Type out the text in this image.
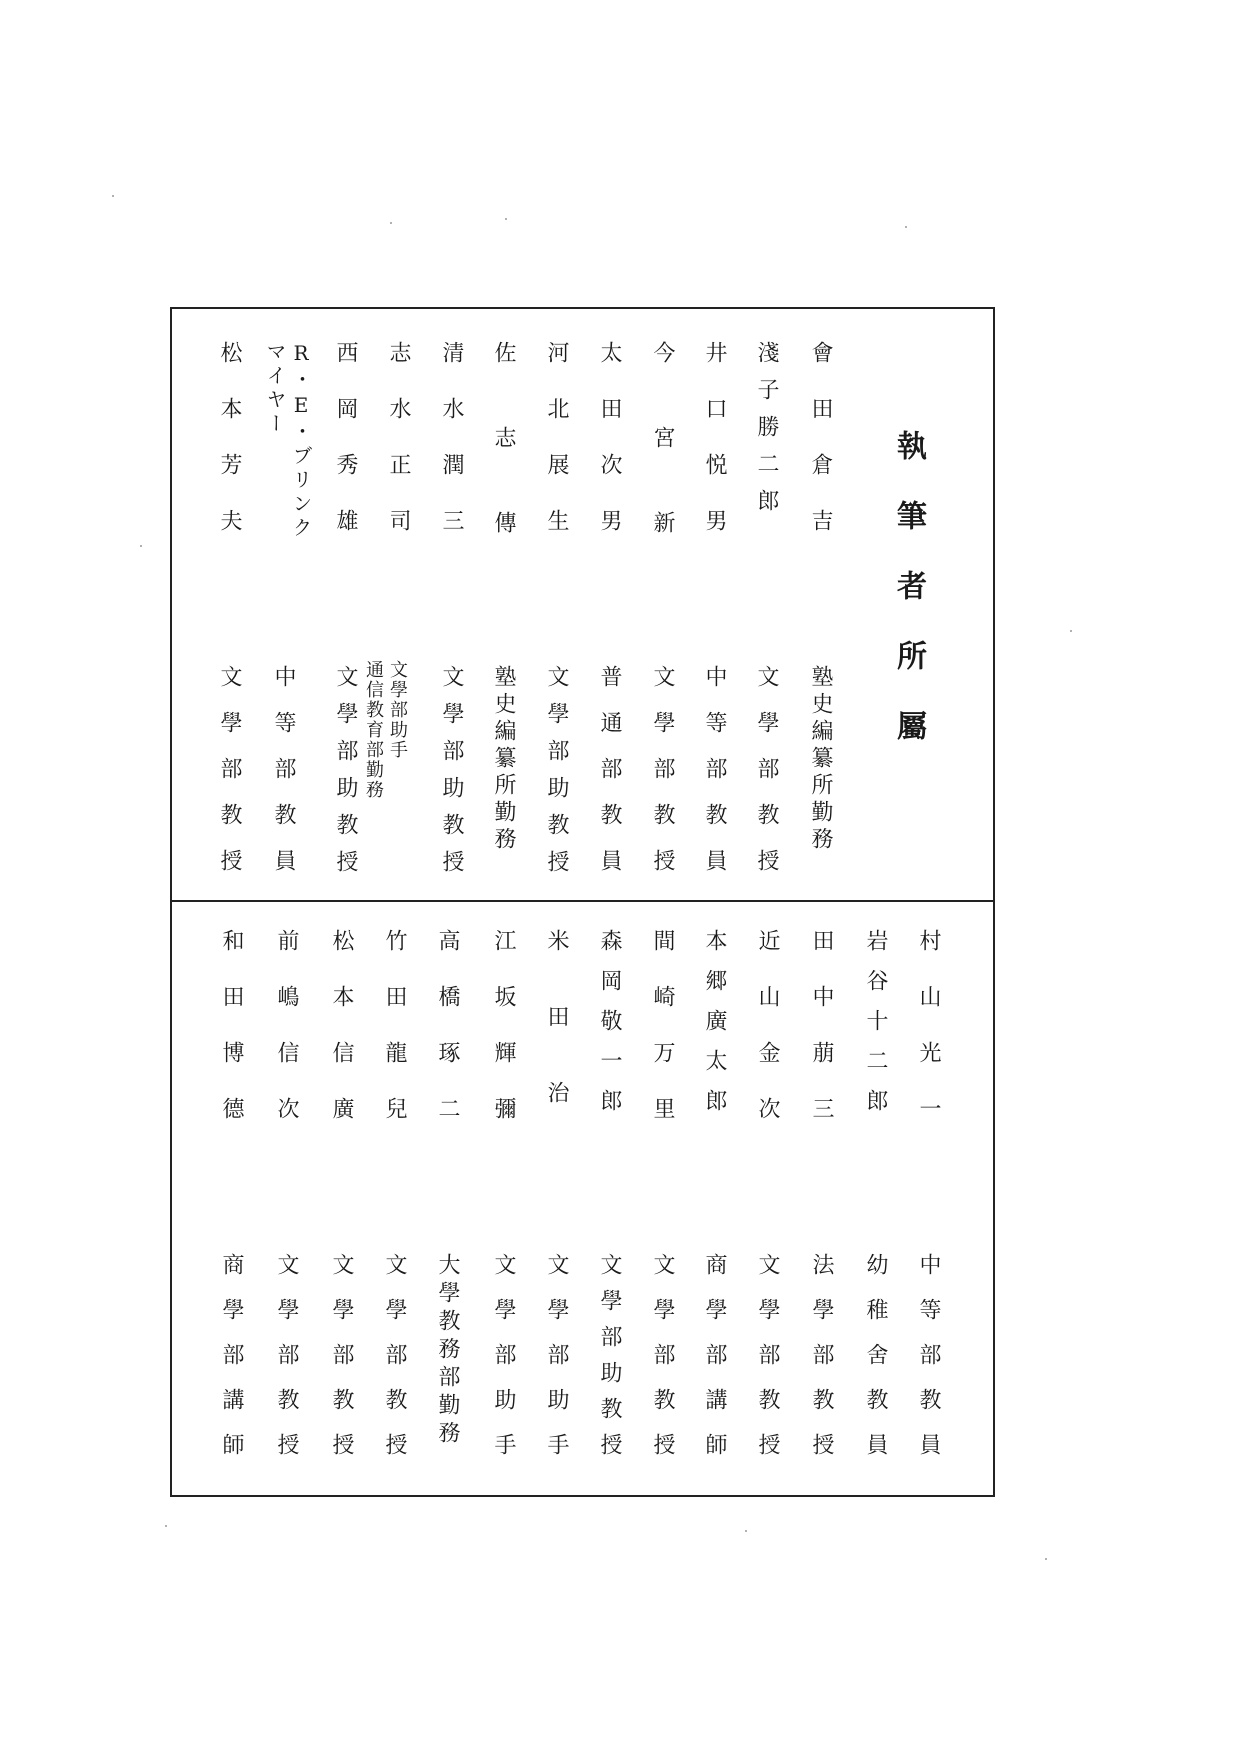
執筆者所屬
會田倉吉
塾史編纂所勤務
淺子勝二郎
文學部教授
井口悦男
中等部教員
今宮新
文學部教授
太田次男
普通部教員
河北展生
文學部助教授
佐志傳
塾史編纂所勤務
清水潤三
文學部助教授
志水正司
文學部助手
通信教育部勤務
西岡秀雄
文學部助教授
R・E・ブリンク
マイヤー
中等部教員
松本芳夫
文學部教授
村山光一
中等部教員
岩谷十二郎
幼稚舍教員
田中萠三
法學部教授
近山金次
文學部教授
本郷廣太郎
商學部講師
間崎万里
文學部教授
森岡敬一郎
文學部助教授
米田治
文學部助手
江坂輝彌
文學部助手
高橋琢二
大學教務部勤務
竹田龍兒
文學部教授
松本信廣
文學部教授
前嶋信次
文學部教授
和田博德
商學部講師
